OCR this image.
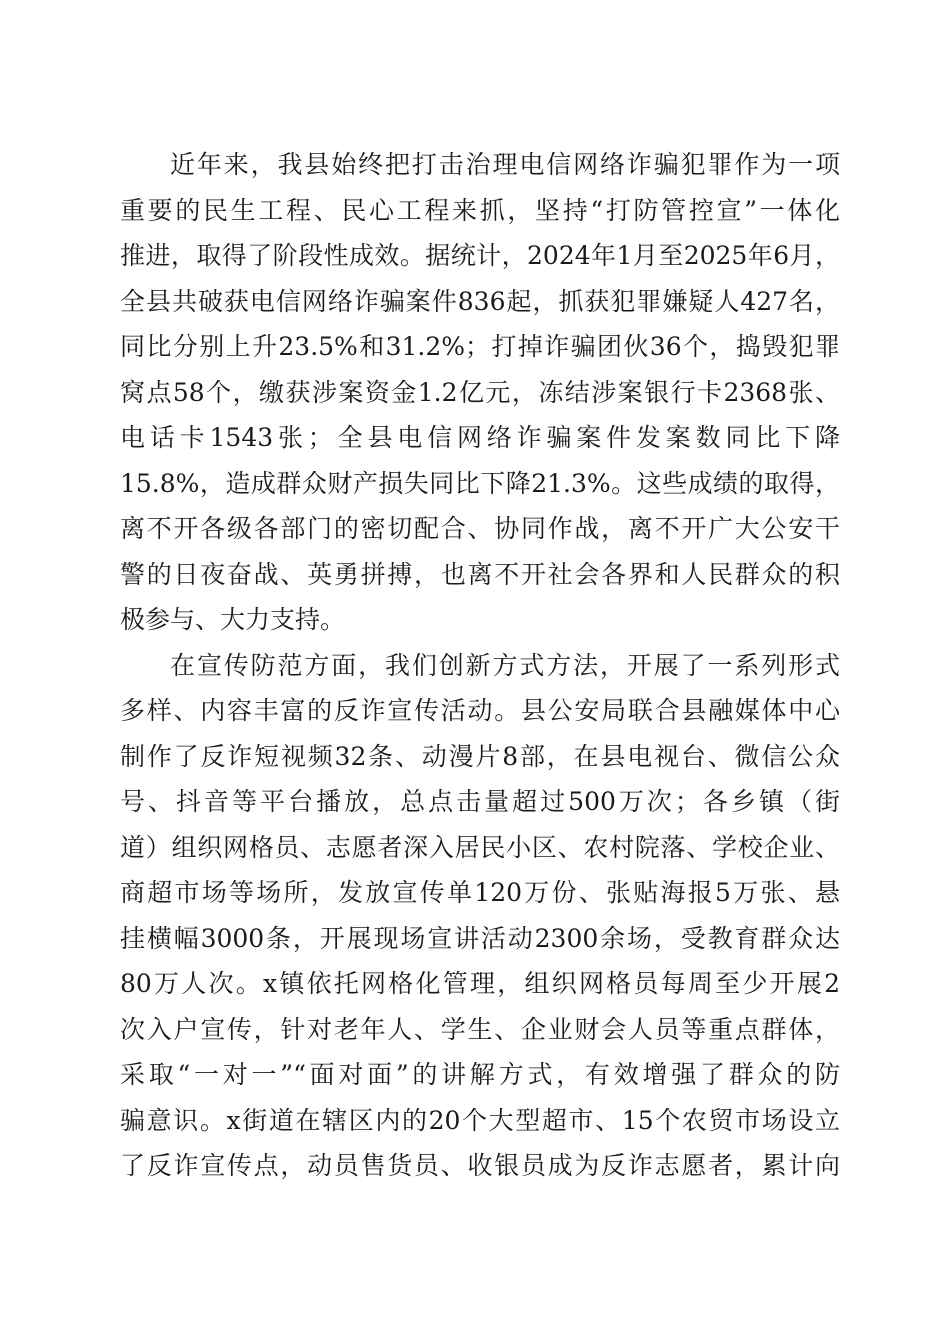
近年来，我县始终把打击治理电信网络诈骗犯罪作为一项
重要的民生工程、民心工程来抓，坚持“打防管控宣”一体化
推进，取得了阶段性成效。据统计，2024年1月至2025年6月，
全县共破获电信网络诈骗案件836起，抓获犯罪嫌疑人427名，
同比分别上升23.5%和31.2%；打掉诈骗团伙36个，捣毁犯罪
窝点58个，缴获涉案资金1.2亿元，冻结涉案银行卡2368张、
电话卡1543张；全县电信网络诈骗案件发案数同比下降
15.8%，造成群众财产损失同比下降21.3%。这些成绩的取得，
离不开各级各部门的密切配合、协同作战，离不开广大公安干
警的日夜奋战、英勇拼搏，也离不开社会各界和人民群众的积
极参与、大力支持。
在宣传防范方面，我们创新方式方法，开展了一系列形式
多样、内容丰富的反诈宣传活动。县公安局联合县融媒体中心
制作了反诈短视频32条、动漫片8部，在县电视台、微信公众
号、抖音等平台播放，总点击量超过500万次；各乡镇（街
道）组织网格员、志愿者深入居民小区、农村院落、学校企业、
商超市场等场所，发放宣传单120万份、张贴海报5万张、悬
挂横幅3000条，开展现场宣讲活动2300余场，受教育群众达
80万人次。x镇依托网格化管理，组织网格员每周至少开展2
次入户宣传，针对老年人、学生、企业财会人员等重点群体，
采取“一对一”“面对面”的讲解方式，有效增强了群众的防
骗意识。x街道在辖区内的20个大型超市、15个农贸市场设立
了反诈宣传点，动员售货员、收银员成为反诈志愿者，累计向
